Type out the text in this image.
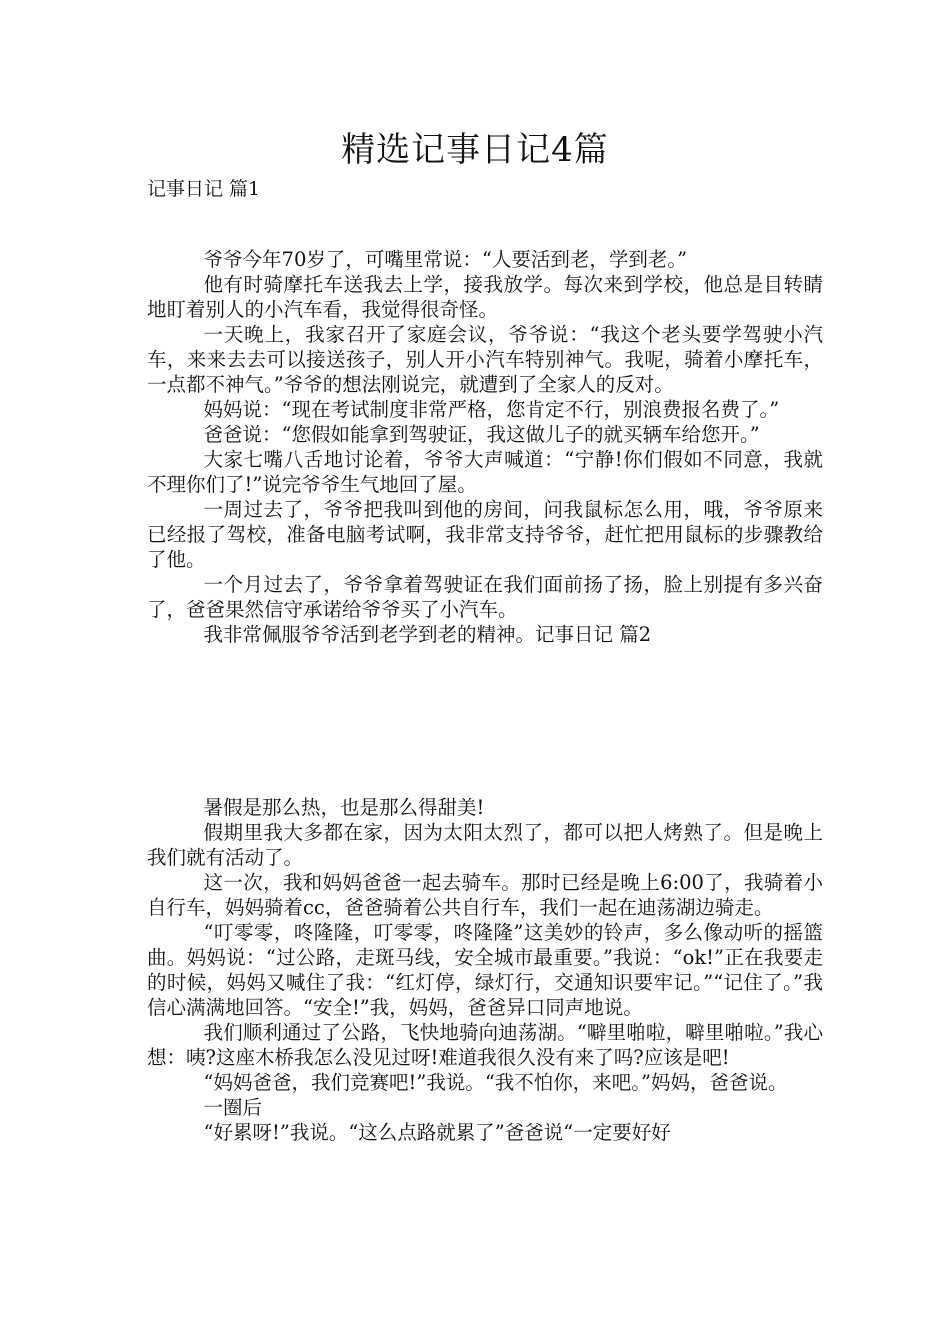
精选记事日记4篇
记事日记 篇1

爷爷今年70岁了，可嘴里常说：“人要活到老，学到老。”

他有时骑摩托车送我去上学，接我放学。每次来到学校，他总是目转睛地盯着别人的小汽车看，我觉得很奇怪。

一天晚上，我家召开了家庭会议，爷爷说：“我这个老头要学驾驶小汽车，来来去去可以接送孩子，别人开小汽车特别神气。我呢，骑着小摩托车，一点都不神气。”爷爷的想法刚说完，就遭到了全家人的反对。

妈妈说：“现在考试制度非常严格，您肯定不行，别浪费报名费了。”

爸爸说：“您假如能拿到驾驶证，我这做儿子的就买辆车给您开。”

大家七嘴八舌地讨论着，爷爷大声喊道：“宁静!你们假如不同意，我就不理你们了!”说完爷爷生气地回了屋。

一周过去了，爷爷把我叫到他的房间，问我鼠标怎么用，哦，爷爷原来已经报了驾校，准备电脑考试啊，我非常支持爷爷，赶忙把用鼠标的步骤教给了他。

一个月过去了，爷爷拿着驾驶证在我们面前扬了扬，脸上别提有多兴奋了，爸爸果然信守承诺给爷爷买了小汽车。

我非常佩服爷爷活到老学到老的精神。记事日记 篇2

暑假是那么热，也是那么得甜美!

假期里我大多都在家，因为太阳太烈了，都可以把人烤熟了。但是晚上我们就有活动了。

这一次，我和妈妈爸爸一起去骑车。那时已经是晚上6:00了，我骑着小自行车，妈妈骑着cc，爸爸骑着公共自行车，我们一起在迪荡湖边骑走。

“叮零零，咚隆隆，叮零零，咚隆隆”这美妙的铃声，多么像动听的摇篮曲。妈妈说：“过公路，走斑马线，安全城市最重要。”我说：“ok!”正在我要走的时候，妈妈又喊住了我：“红灯停，绿灯行，交通知识要牢记。”“记住了。”我信心满满地回答。“安全!”我，妈妈，爸爸异口同声地说。

我们顺利通过了公路，飞快地骑向迪荡湖。“噼里啪啦，噼里啪啦。”我心想：咦?这座木桥我怎么没见过呀!难道我很久没有来了吗?应该是吧!

“妈妈爸爸，我们竞赛吧!”我说。“我不怕你，来吧。”妈妈，爸爸说。

一圈后

“好累呀!”我说。“这么点路就累了”爸爸说“一定要好好
